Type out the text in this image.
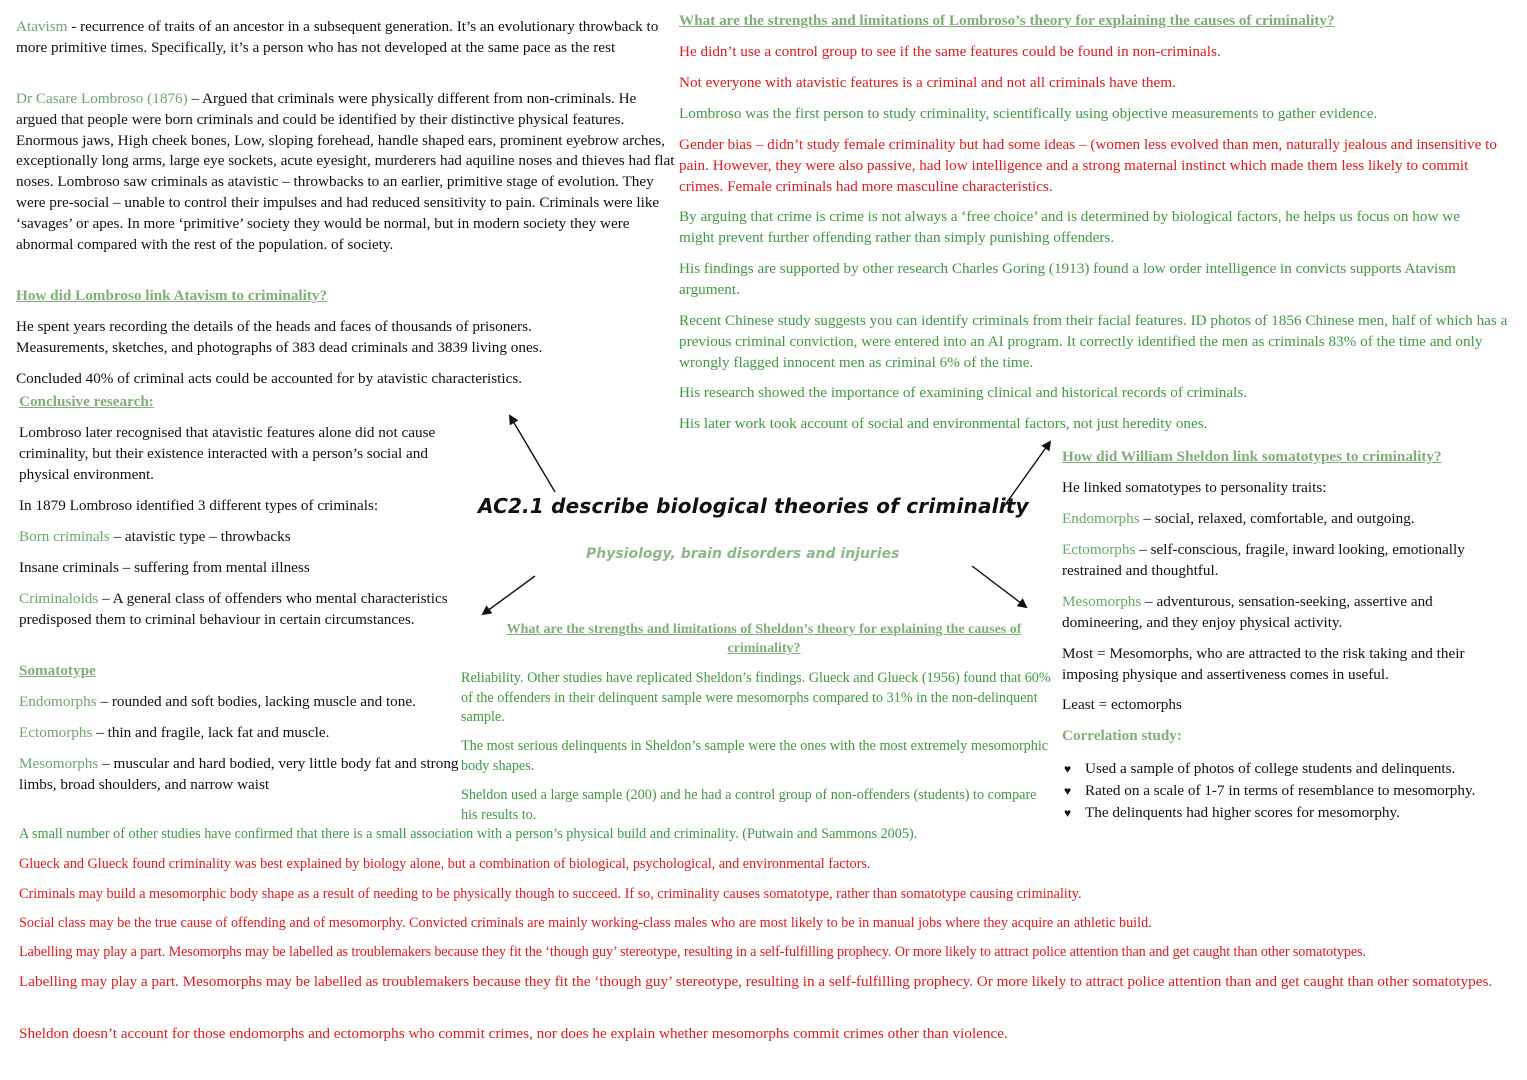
Atavism - recurrence of traits of an ancestor in a subsequent generation. It’s an evolutionary throwback to more primitive times. Specifically, it’s a person who has not developed at the same pace as the rest

Dr Casare Lombroso (1876) – Argued that criminals were physically different from non-criminals. He argued that people were born criminals and could be identified by their distinctive physical features. Enormous jaws, High cheek bones, Low, sloping forehead, handle shaped ears, prominent eyebrow arches, exceptionally long arms, large eye sockets, acute eyesight, murderers had aquiline noses and thieves had flat noses. Lombroso saw criminals as atavistic – throwbacks to an earlier, primitive stage of evolution. They were pre-social – unable to control their impulses and had reduced sensitivity to pain. Criminals were like ‘savages’ or apes. In more ‘primitive’ society they would be normal, but in modern society they were abnormal compared with the rest of the population. of society.

How did Lombroso link Atavism to criminality?

He spent years recording the details of the heads and faces of thousands of prisoners. Measurements, sketches, and photographs of 383 dead criminals and 3839 living ones.

Concluded 40% of criminal acts could be accounted for by atavistic characteristics.

Conclusive research:

Lombroso later recognised that atavistic features alone did not cause criminality, but their existence interacted with a person’s social and physical environment.

In 1879 Lombroso identified 3 different types of criminals:

Born criminals – atavistic type – throwbacks

Insane criminals – suffering from mental illness

Criminaloids – A general class of offenders who mental characteristics predisposed them to criminal behaviour in certain circumstances.

Somatotype

Endomorphs – rounded and soft bodies, lacking muscle and tone.

Ectomorphs – thin and fragile, lack fat and muscle.

Mesomorphs – muscular and hard bodied, very little body fat and strong limbs, broad shoulders, and narrow waist

What are the strengths and limitations of Lombroso’s theory for explaining the causes of criminality?

He didn’t use a control group to see if the same features could be found in non-criminals.

Not everyone with atavistic features is a criminal and not all criminals have them.

Lombroso was the first person to study criminality, scientifically using objective measurements to gather evidence.

Gender bias – didn’t study female criminality but had some ideas – (women less evolved than men, naturally jealous and insensitive to pain. However, they were also passive, had low intelligence and a strong maternal instinct which made them less likely to commit crimes. Female criminals had more masculine characteristics.

By arguing that crime is crime is not always a ‘free choice’ and is determined by biological factors, he helps us focus on how we might prevent further offending rather than simply punishing offenders.

His findings are supported by other research Charles Goring (1913) found a low order intelligence in convicts supports Atavism argument.

Recent Chinese study suggests you can identify criminals from their facial features. ID photos of 1856 Chinese men, half of which has a previous criminal conviction, were entered into an AI program. It correctly identified the men as criminals 83% of the time and only wrongly flagged innocent men as criminal 6% of the time.

His research showed the importance of examining clinical and historical records of criminals.

His later work took account of social and environmental factors, not just heredity ones.

AC2.1 describe biological theories of criminality
Physiology, brain disorders and injuries

What are the strengths and limitations of Sheldon’s theory for explaining the causes of criminality?

Reliability. Other studies have replicated Sheldon’s findings. Glueck and Glueck (1956) found that 60% of the offenders in their delinquent sample were mesomorphs compared to 31% in the non-delinquent sample.

The most serious delinquents in Sheldon’s sample were the ones with the most extremely mesomorphic body shapes.

Sheldon used a large sample (200) and he had a control group of non-offenders (students) to compare his results to.

How did William Sheldon link somatotypes to criminality?

He linked somatotypes to personality traits:

Endomorphs – social, relaxed, comfortable, and outgoing.

Ectomorphs – self-conscious, fragile, inward looking, emotionally restrained and thoughtful.

Mesomorphs – adventurous, sensation-seeking, assertive and domineering, and they enjoy physical activity.

Most = Mesomorphs, who are attracted to the risk taking and their imposing physique and assertiveness comes in useful.

Least = ectomorphs

Correlation study:

♥ Used a sample of photos of college students and delinquents.
♥ Rated on a scale of 1-7 in terms of resemblance to mesomorphy.
♥ The delinquents had higher scores for mesomorphy.

A small number of other studies have confirmed that there is a small association with a person’s physical build and criminality. (Putwain and Sammons 2005).

Glueck and Glueck found criminality was best explained by biology alone, but a combination of biological, psychological, and environmental factors.

Criminals may build a mesomorphic body shape as a result of needing to be physically though to succeed. If so, criminality causes somatotype, rather than somatotype causing criminality.

Social class may be the true cause of offending and of mesomorphy. Convicted criminals are mainly working-class males who are most likely to be in manual jobs where they acquire an athletic build.

Labelling may play a part. Mesomorphs may be labelled as troublemakers because they fit the ‘though guy’ stereotype, resulting in a self-fulfilling prophecy. Or more likely to attract police attention than and get caught than other somatotypes.

Labelling may play a part. Mesomorphs may be labelled as troublemakers because they fit the ‘though guy’ stereotype, resulting in a self-fulfilling prophecy. Or more likely to attract police attention than and get caught than other somatotypes.

Sheldon doesn’t account for those endomorphs and ectomorphs who commit crimes, nor does he explain whether mesomorphs commit crimes other than violence.
